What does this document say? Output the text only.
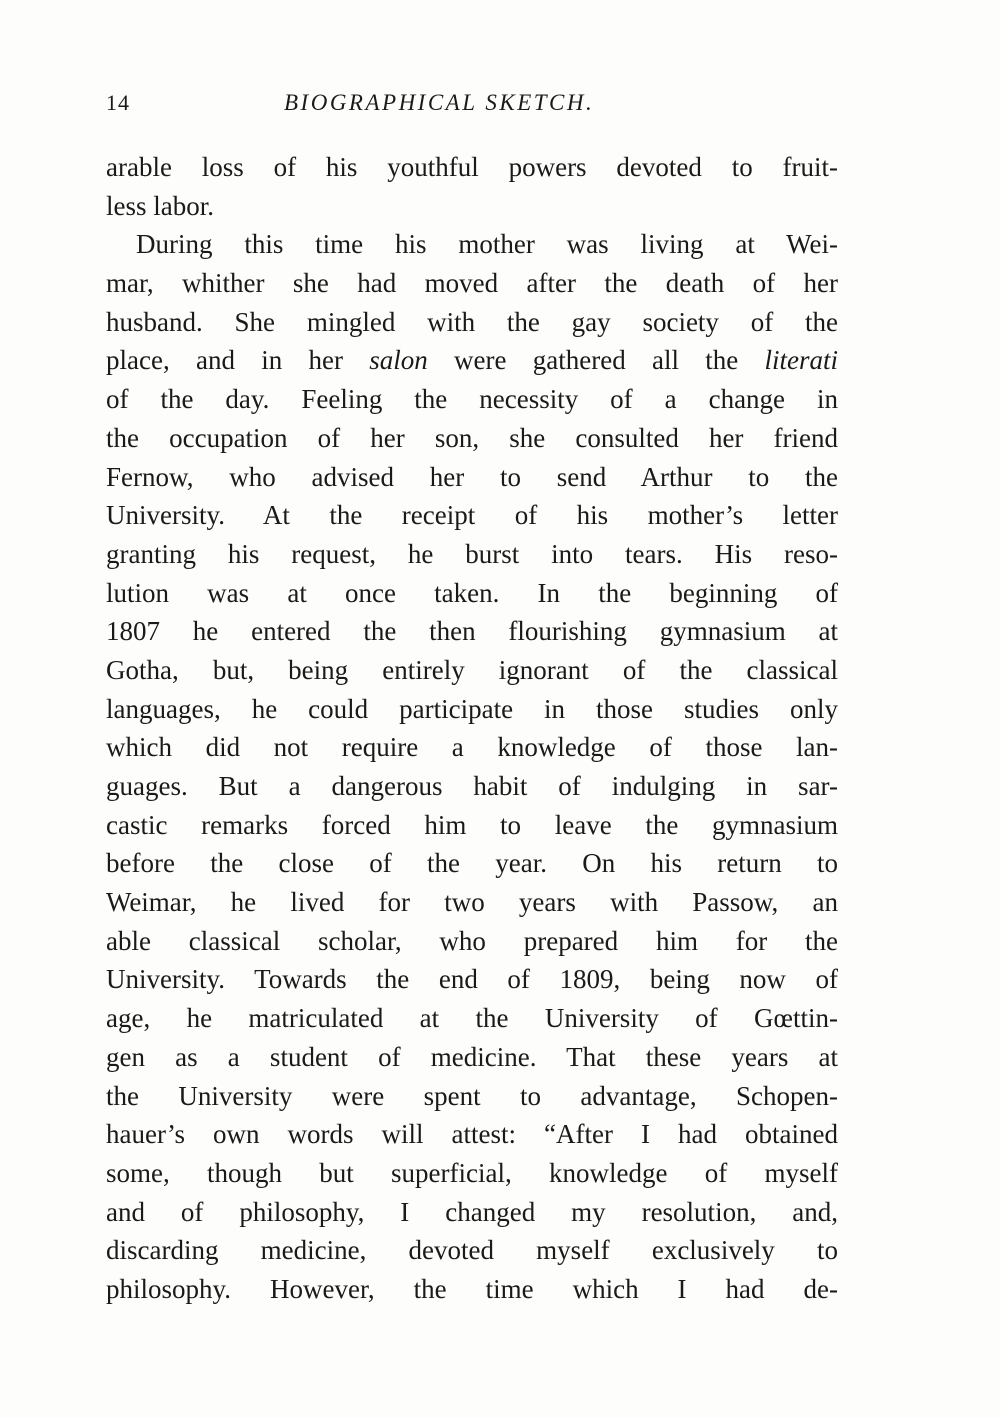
14	BIOGRAPHICAL SKETCH.
arable loss of his youthful powers devoted to fruit-
less labor.
During this time his mother was living at Wei-
mar, whither she had moved after the death of her
husband. She mingled with the gay society of the
place, and in her salon were gathered all the literati
of the day. Feeling the necessity of a change in
the occupation of her son, she consulted her friend
Fernow, who advised her to send Arthur to the
University. At the receipt of his mother’s letter
granting his request, he burst into tears. His reso-
lution was at once taken. In the beginning of
1807 he entered the then flourishing gymnasium at
Gotha, but, being entirely ignorant of the classical
languages, he could participate in those studies only
which did not require a knowledge of those lan-
guages. But a dangerous habit of indulging in sar-
castic remarks forced him to leave the gymnasium
before the close of the year. On his return to
Weimar, he lived for two years with Passow, an
able classical scholar, who prepared him for the
University. Towards the end of 1809, being now of
age, he matriculated at the University of Gœttin-
gen as a student of medicine. That these years at
the University were spent to advantage, Schopen-
hauer’s own words will attest: “After I had obtained
some, though but superficial, knowledge of myself
and of philosophy, I changed my resolution, and,
discarding medicine, devoted myself exclusively to
philosophy. However, the time which I had de-
